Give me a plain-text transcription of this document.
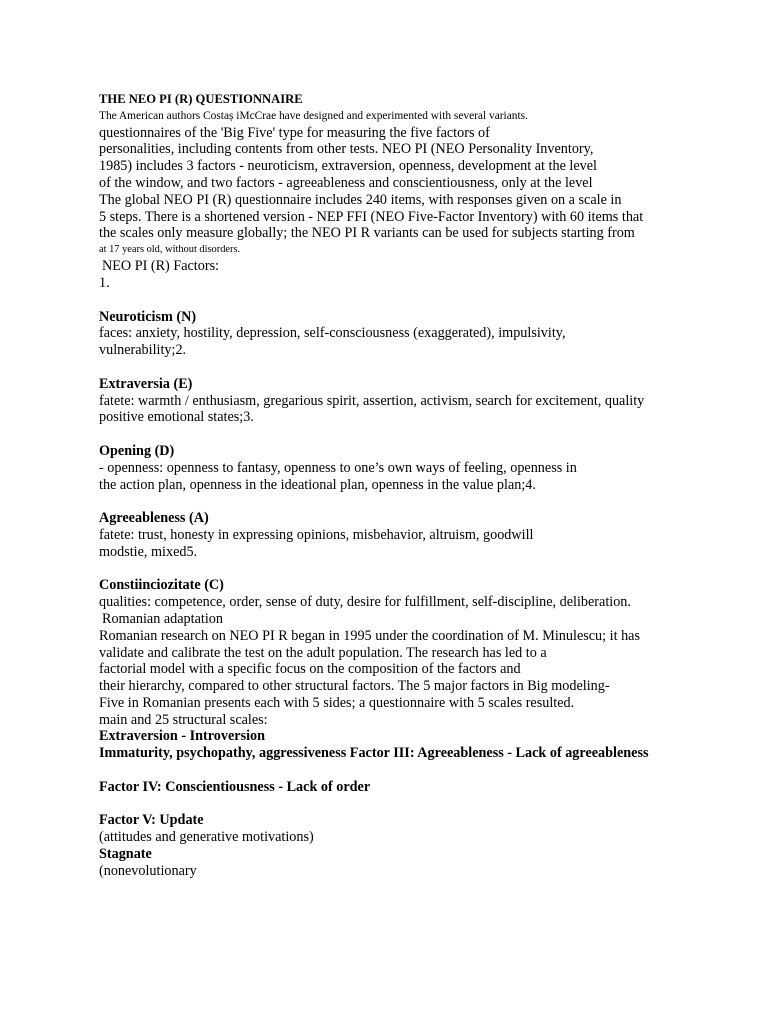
THE NEO PI (R) QUESTIONNAIRE
The American authors Costaș iMcCrae have designed and experimented with several variants.
questionnaires of the 'Big Five' type for measuring the five factors of
personalities, including contents from other tests. NEO PI (NEO Personality Inventory,
1985) includes 3 factors - neuroticism, extraversion, openness, development at the level
of the window, and two factors - agreeableness and conscientiousness, only at the level
The global NEO PI (R) questionnaire includes 240 items, with responses given on a scale in
5 steps. There is a shortened version - NEP FFI (NEO Five-Factor Inventory) with 60 items that
the scales only measure globally; the NEO PI R variants can be used for subjects starting from
at 17 years old, without disorders.
NEO PI (R) Factors:
1.
Neuroticism (N)
faces: anxiety, hostility, depression, self-consciousness (exaggerated), impulsivity,
vulnerability;2.
Extraversia (E)
fatete: warmth / enthusiasm, gregarious spirit, assertion, activism, search for excitement, quality
positive emotional states;3.
Opening (D)
- openness: openness to fantasy, openness to one’s own ways of feeling, openness in
the action plan, openness in the ideational plan, openness in the value plan;4.
Agreeableness (A)
fatete: trust, honesty in expressing opinions, misbehavior, altruism, goodwill
modstie, mixed5.
Constiinciozitate (C)
qualities: competence, order, sense of duty, desire for fulfillment, self-discipline, deliberation.
Romanian adaptation
Romanian research on NEO PI R began in 1995 under the coordination of M. Minulescu; it has
validate and calibrate the test on the adult population. The research has led to a
factorial model with a specific focus on the composition of the factors and
their hierarchy, compared to other structural factors. The 5 major factors in Big modeling-
Five in Romanian presents each with 5 sides; a questionnaire with 5 scales resulted.
main and 25 structural scales:
Extraversion - Introversion
Immaturity, psychopathy, aggressiveness Factor III: Agreeableness - Lack of agreeableness
Factor IV: Conscientiousness - Lack of order
Factor V: Update
(attitudes and generative motivations)
Stagnate
(nonevolutionary
